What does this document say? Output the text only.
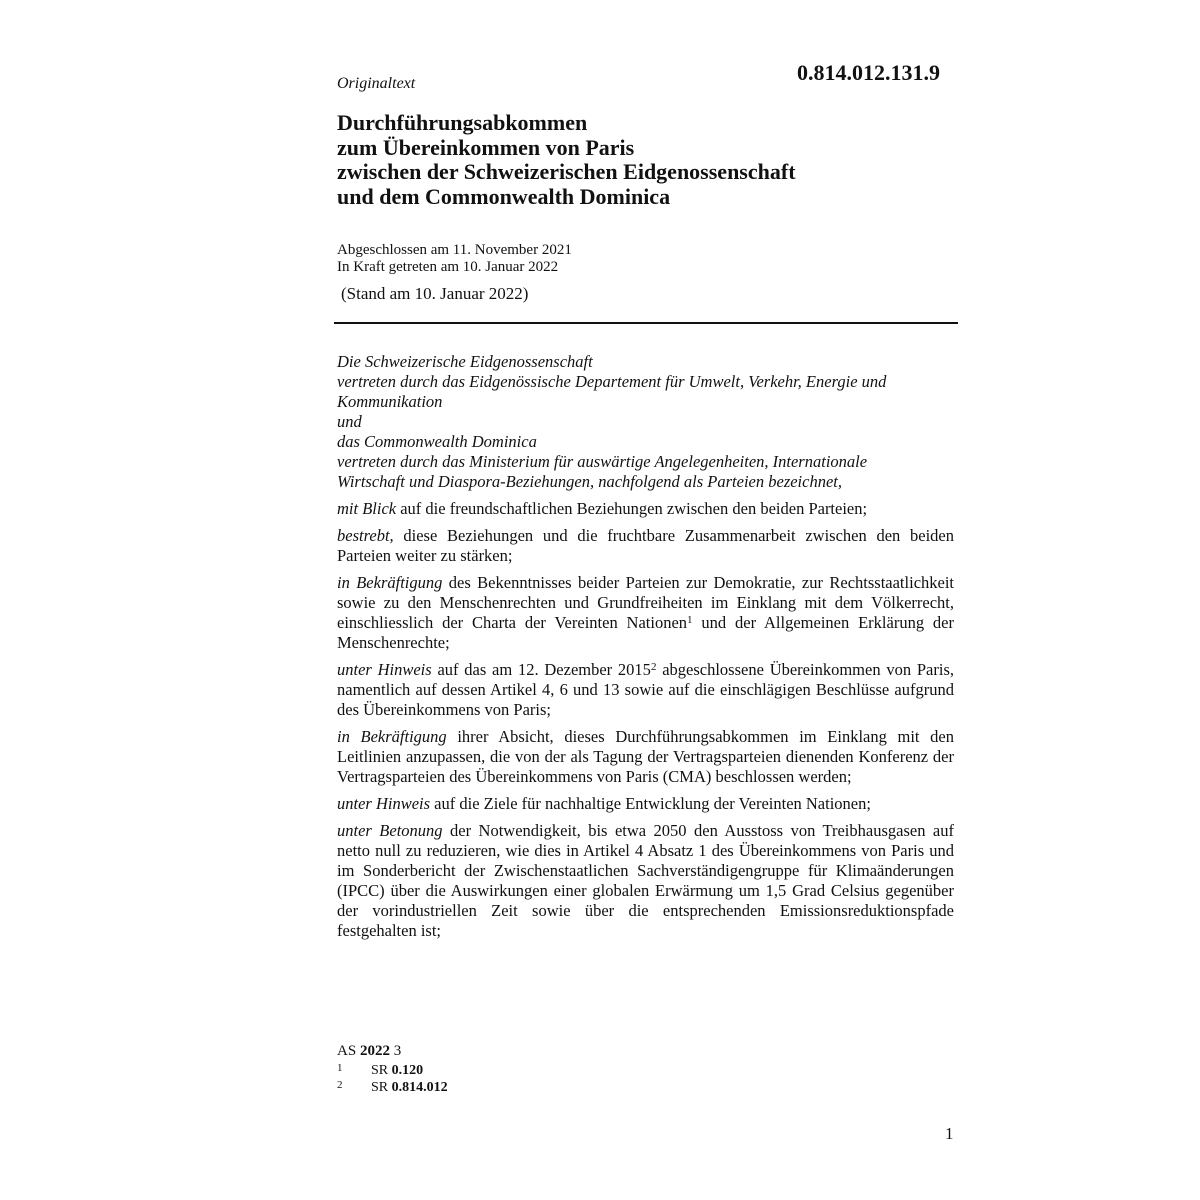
0.814.012.131.9
Originaltext
Durchführungsabkommen
zum Übereinkommen von Paris
zwischen der Schweizerischen Eidgenossenschaft
und dem Commonwealth Dominica
Abgeschlossen am 11. November 2021
In Kraft getreten am 10. Januar 2022
(Stand am 10. Januar 2022)
Die Schweizerische Eidgenossenschaft
vertreten durch das Eidgenössische Departement für Umwelt, Verkehr, Energie und
Kommunikation
und
das Commonwealth Dominica
vertreten durch das Ministerium für auswärtige Angelegenheiten, Internationale
Wirtschaft und Diaspora-Beziehungen, nachfolgend als Parteien bezeichnet,

mit Blick auf die freundschaftlichen Beziehungen zwischen den beiden Parteien;

bestrebt, diese Beziehungen und die fruchtbare Zusammenarbeit zwischen den beiden Parteien weiter zu stärken;

in Bekräftigung des Bekenntnisses beider Parteien zur Demokratie, zur Rechtsstaatlichkeit sowie zu den Menschenrechten und Grundfreiheiten im Einklang mit dem Völkerrecht, einschliesslich der Charta der Vereinten Nationen$^1$ und der Allgemeinen Erklärung der Menschenrechte;

unter Hinweis auf das am 12. Dezember 2015$^2$ abgeschlossene Übereinkommen von Paris, namentlich auf dessen Artikel 4, 6 und 13 sowie auf die einschlägigen Beschlüsse aufgrund des Übereinkommens von Paris;

in Bekräftigung ihrer Absicht, dieses Durchführungsabkommen im Einklang mit den Leitlinien anzupassen, die von der als Tagung der Vertragsparteien dienenden Konferenz der Vertragsparteien des Übereinkommens von Paris (CMA) beschlossen werden;

unter Hinweis auf die Ziele für nachhaltige Entwicklung der Vereinten Nationen;

unter Betonung der Notwendigkeit, bis etwa 2050 den Ausstoss von Treibhausgasen auf netto null zu reduzieren, wie dies in Artikel 4 Absatz 1 des Übereinkommens von Paris und im Sonderbericht der Zwischenstaatlichen Sachverständigengruppe für Klimaänderungen (IPCC) über die Auswirkungen einer globalen Erwärmung um 1,5 Grad Celsius gegenüber der vorindustriellen Zeit sowie über die entsprechenden Emissionsreduktionspfade festgehalten ist;

AS 2022 3
1 SR 0.120
2 SR 0.814.012
1
